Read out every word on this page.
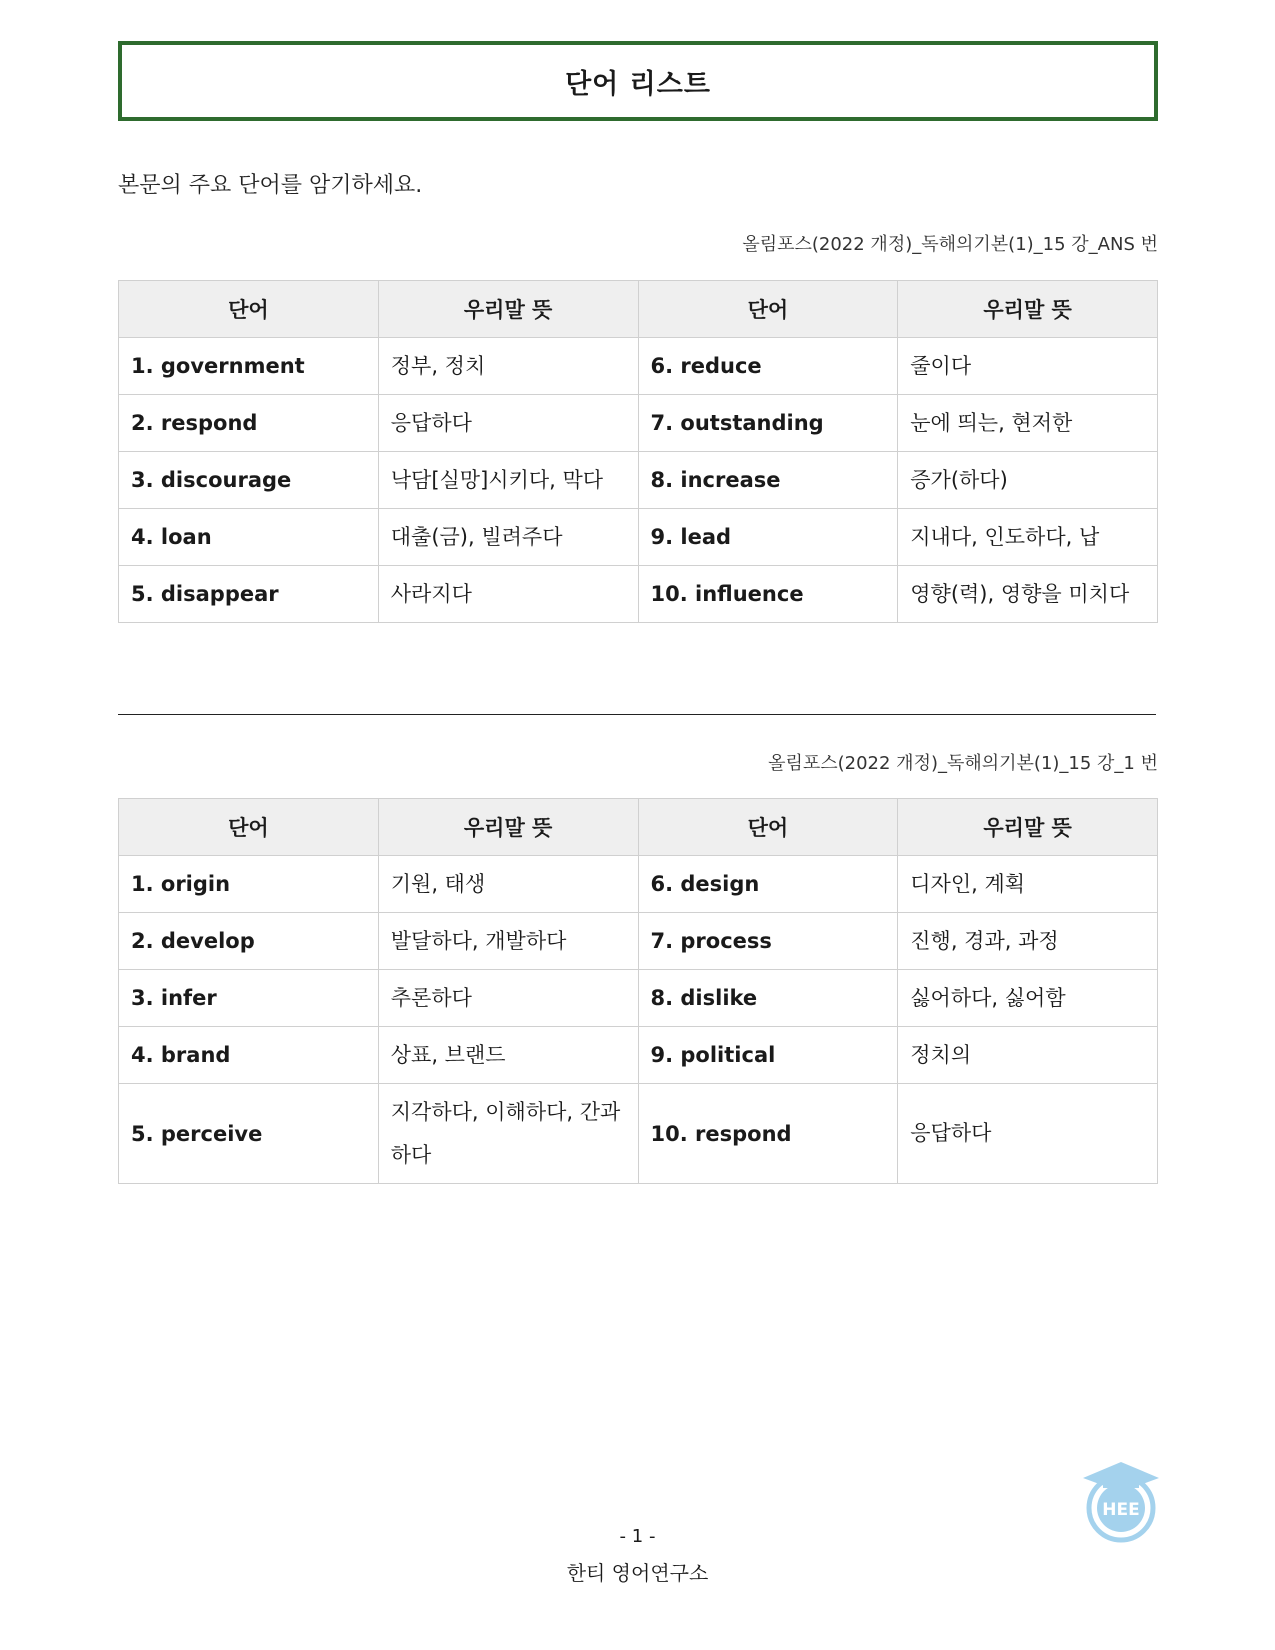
단어 리스트
본문의 주요 단어를 암기하세요.
올림포스(2022 개정)_독해의기본(1)_15 강_ANS 번
단어	우리말 뜻	단어	우리말 뜻
1. government	정부, 정치	6. reduce	줄이다
2. respond	응답하다	7. outstanding	눈에 띄는, 현저한
3. discourage	낙담[실망]시키다, 막다	8. increase	증가(하다)
4. loan	대출(금), 빌려주다	9. lead	지내다, 인도하다, 납
5. disappear	사라지다	10. influence	영향(력), 영향을 미치다
올림포스(2022 개정)_독해의기본(1)_15 강_1 번
단어	우리말 뜻	단어	우리말 뜻
1. origin	기원, 태생	6. design	디자인, 계획
2. develop	발달하다, 개발하다	7. process	진행, 경과, 과정
3. infer	추론하다	8. dislike	싫어하다, 싫어함
4. brand	상표, 브랜드	9. political	정치의
5. perceive	지각하다, 이해하다, 간과하다	10. respond	응답하다
HEE
- 1 -
한티 영어연구소
